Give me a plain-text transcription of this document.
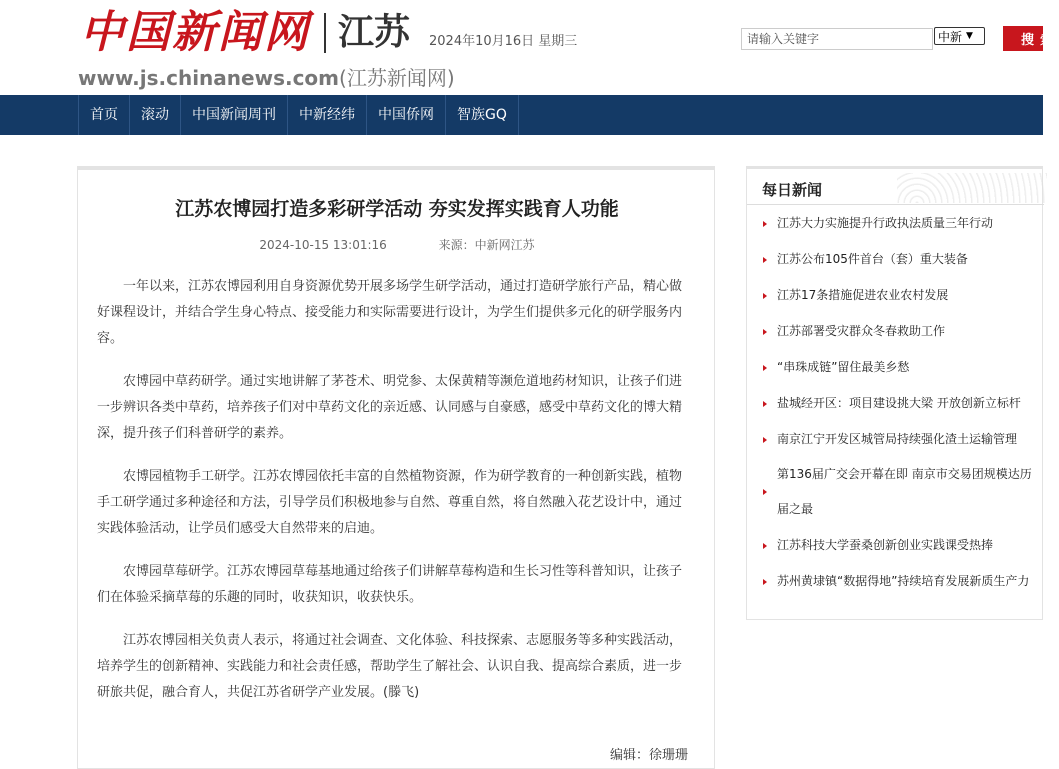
中国新闻网 江苏 2024年10月16日 星期三
www.js.chinanews.com(江苏新闻网)
请输入关键字
中新 ▼	搜索
首页	滚动	中国新闻周刊	中新经纬	中国侨网	智族GQ
江苏农博园打造多彩研学活动 夯实发挥实践育人功能
2024-10-15 13:01:16	来源：中新网江苏

一年以来，江苏农博园利用自身资源优势开展多场学生研学活动，通过打造研学旅行产品，精心做好课程设计，并结合学生身心特点、接受能力和实际需要进行设计，为学生们提供多元化的研学服务内容。

农博园中草药研学。通过实地讲解了茅苍术、明党参、太保黄精等濒危道地药材知识，让孩子们进一步辨识各类中草药，培养孩子们对中草药文化的亲近感、认同感与自豪感，感受中草药文化的博大精深，提升孩子们科普研学的素养。

农博园植物手工研学。江苏农博园依托丰富的自然植物资源，作为研学教育的一种创新实践，植物手工研学通过多种途径和方法，引导学员们积极地参与自然、尊重自然，将自然融入花艺设计中，通过实践体验活动，让学员们感受大自然带来的启迪。

农博园草莓研学。江苏农博园草莓基地通过给孩子们讲解草莓构造和生长习性等科普知识，让孩子们在体验采摘草莓的乐趣的同时，收获知识，收获快乐。

江苏农博园相关负责人表示，将通过社会调查、文化体验、科技探索、志愿服务等多种实践活动，培养学生的创新精神、实践能力和社会责任感，帮助学生了解社会、认识自我、提高综合素质，进一步研旅共促，融合育人，共促江苏省研学产业发展。(滕飞)

编辑：徐珊珊
每日新闻
江苏大力实施提升行政执法质量三年行动
江苏公布105件首台（套）重大装备
江苏17条措施促进农业农村发展
江苏部署受灾群众冬春救助工作
“串珠成链”留住最美乡愁
盐城经开区：项目建设挑大梁 开放创新立标杆
南京江宁开发区城管局持续强化渣土运输管理
第136届广交会开幕在即 南京市交易团规模达历届之最
江苏科技大学蚕桑创新创业实践课受热捧
苏州黄埭镇“数据得地”持续培育发展新质生产力
